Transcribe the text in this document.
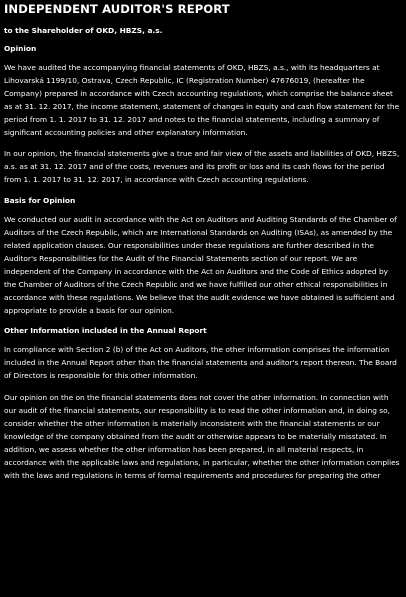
INDEPENDENT AUDITOR'S REPORT
to the Shareholder of OKD, HBZS, a.s.
Opinion
We have audited the accompanying financial statements of OKD, HBZS, a.s., with its headquarters at Lihovarská 1199/10, Ostrava, Czech Republic, IC (Registration Number) 47676019, (hereafter the Company) prepared in accordance with Czech accounting regulations, which comprise the balance sheet as at 31. 12. 2017, the income statement, statement of changes in equity and cash flow statement for the period from 1. 1. 2017 to 31. 12. 2017 and notes to the financial statements, including a summary of significant accounting policies and other explanatory information.
In our opinion, the financial statements give a true and fair view of the assets and liabilities of OKD, HBZS, a.s. as at 31. 12. 2017 and of the costs, revenues and its profit or loss and its cash flows for the period from 1. 1. 2017 to 31. 12. 2017, in accordance with Czech accounting regulations.
Basis for Opinion
We conducted our audit in accordance with the Act on Auditors and Auditing Standards of the Chamber of Auditors of the Czech Republic, which are International Standards on Auditing (ISAs), as amended by the related application clauses. Our responsibilities under these regulations are further described in the Auditor's Responsibilities for the Audit of the Financial Statements section of our report. We are independent of the Company in accordance with the Act on Auditors and the Code of Ethics adopted by the Chamber of Auditors of the Czech Republic and we have fulfilled our other ethical responsibilities in accordance with these regulations. We believe that the audit evidence we have obtained is sufficient and appropriate to provide a basis for our opinion.
Other Information included in the Annual Report
In compliance with Section 2 (b) of the Act on Auditors, the other information comprises the information included in the Annual Report other than the financial statements and auditor's report thereon. The Board of Directors is responsible for this other information.
Our opinion on the on the financial statements does not cover the other information. In connection with our audit of the financial statements, our responsibility is to read the other information and, in doing so, consider whether the other information is materially inconsistent with the financial statements or our knowledge of the company obtained from the audit or otherwise appears to be materially misstated. In addition, we assess whether the other information has been prepared, in all material respects, in accordance with the applicable laws and regulations, in particular, whether the other information complies with the laws and regulations in terms of formal requirements and procedures for preparing the other
